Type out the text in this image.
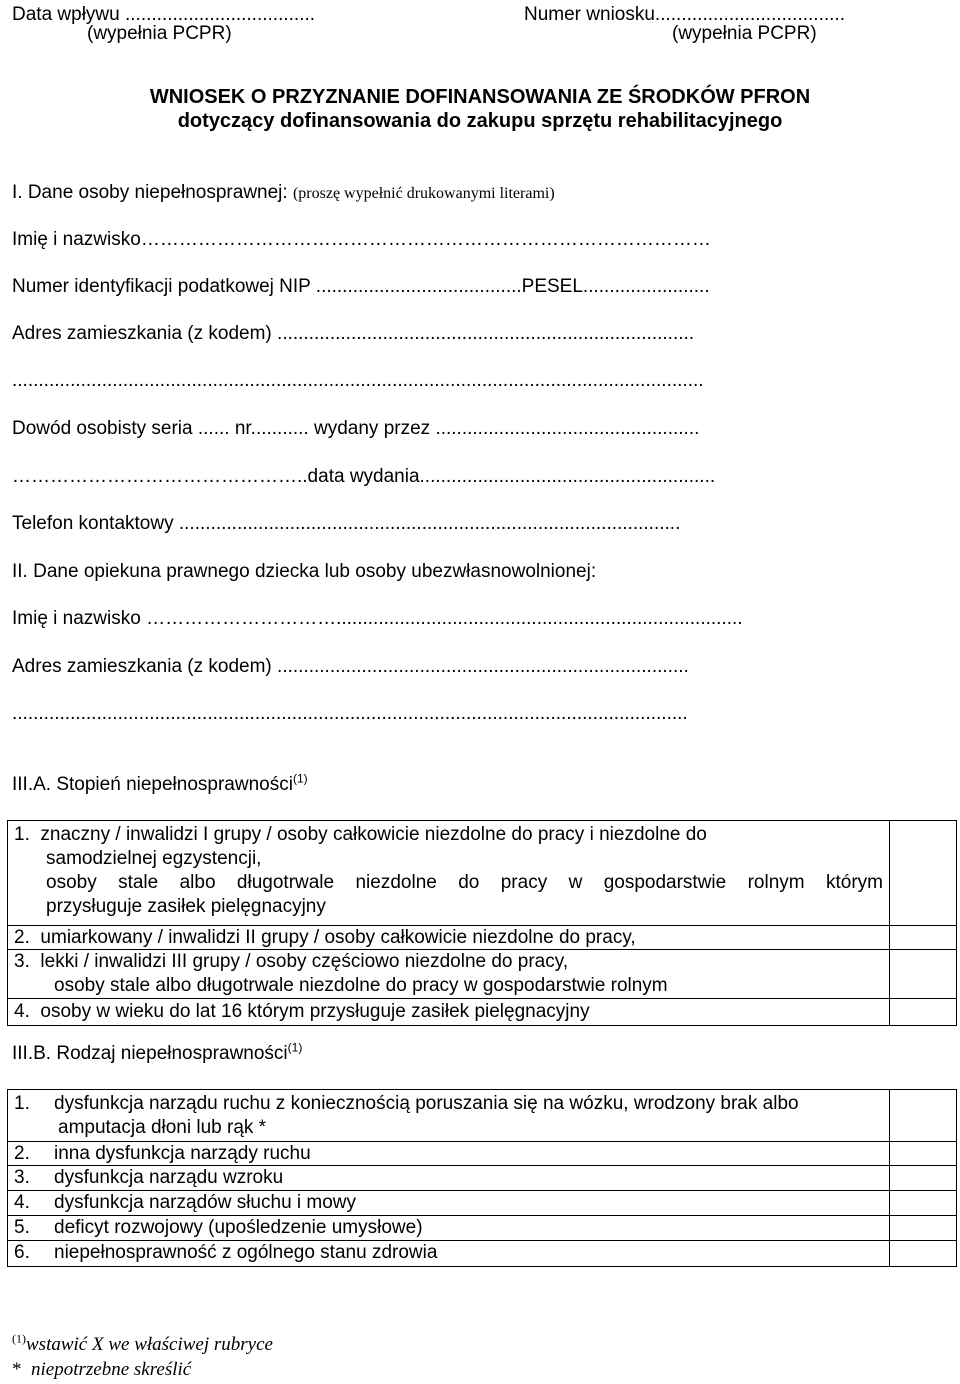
Data wpływu ....................................
(wypełnia PCPR)
Numer wniosku....................................
(wypełnia PCPR)
WNIOSEK O PRZYZNANIE DOFINANSOWANIA ZE ŚRODKÓW PFRON
dotyczący dofinansowania do zakupu sprzętu rehabilitacyjnego
I. Dane osoby niepełnosprawnej: (proszę wypełnić drukowanymi literami)
Imię i nazwisko………………………………………………………………………………
Numer identyfikacji podatkowej NIP .......................................PESEL........................
Adres zamieszkania (z kodem) ...............................................................................
...................................................................................................................................
Dowód osobisty seria ...... nr........... wydany przez ..................................................
………………………………………..data wydania........................................................
Telefon kontaktowy ...............................................................................................
II. Dane opiekuna prawnego dziecka lub osoby ubezwłasnowolnionej:
Imię i nazwisko ………………………….............................................................................
Adres zamieszkania (z kodem) ..............................................................................
................................................................................................................................
III.A. Stopień niepełnosprawności$^{(1)}$
1. znaczny / inwalidzi I grupy / osoby całkowicie niezdolne do pracy i niezdolne do
samodzielnej egzystencji,
osoby stale albo długotrwale niezdolne do pracy w gospodarstwie rolnym którym
przysługuje zasiłek pielęgnacyjny	

2. umiarkowany / inwalidzi II grupy / osoby całkowicie niezdolne do pracy,	

3. lekki / inwalidzi III grupy / osoby częściowo niezdolne do pracy,
osoby stale albo długotrwale niezdolne do pracy w gospodarstwie rolnym	

4. osoby w wieku do lat 16 którym przysługuje zasiłek pielęgnacyjny	

III.B. Rodzaj niepełnosprawności$^{(1)}$
1. dysfunkcja narządu ruchu z koniecznością poruszania się na wózku, wrodzony brak albo
amputacja dłoni lub rąk *	

2. inna dysfunkcja narządy ruchu	

3. dysfunkcja narządu wzroku	

4. dysfunkcja narządów słuchu i mowy	

5. deficyt rozwojowy (upośledzenie umysłowe)	

6. niepełnosprawność z ogólnego stanu zdrowia	

$^{(1)}$wstawić X we właściwej rubryce
* niepotrzebne skreślić
